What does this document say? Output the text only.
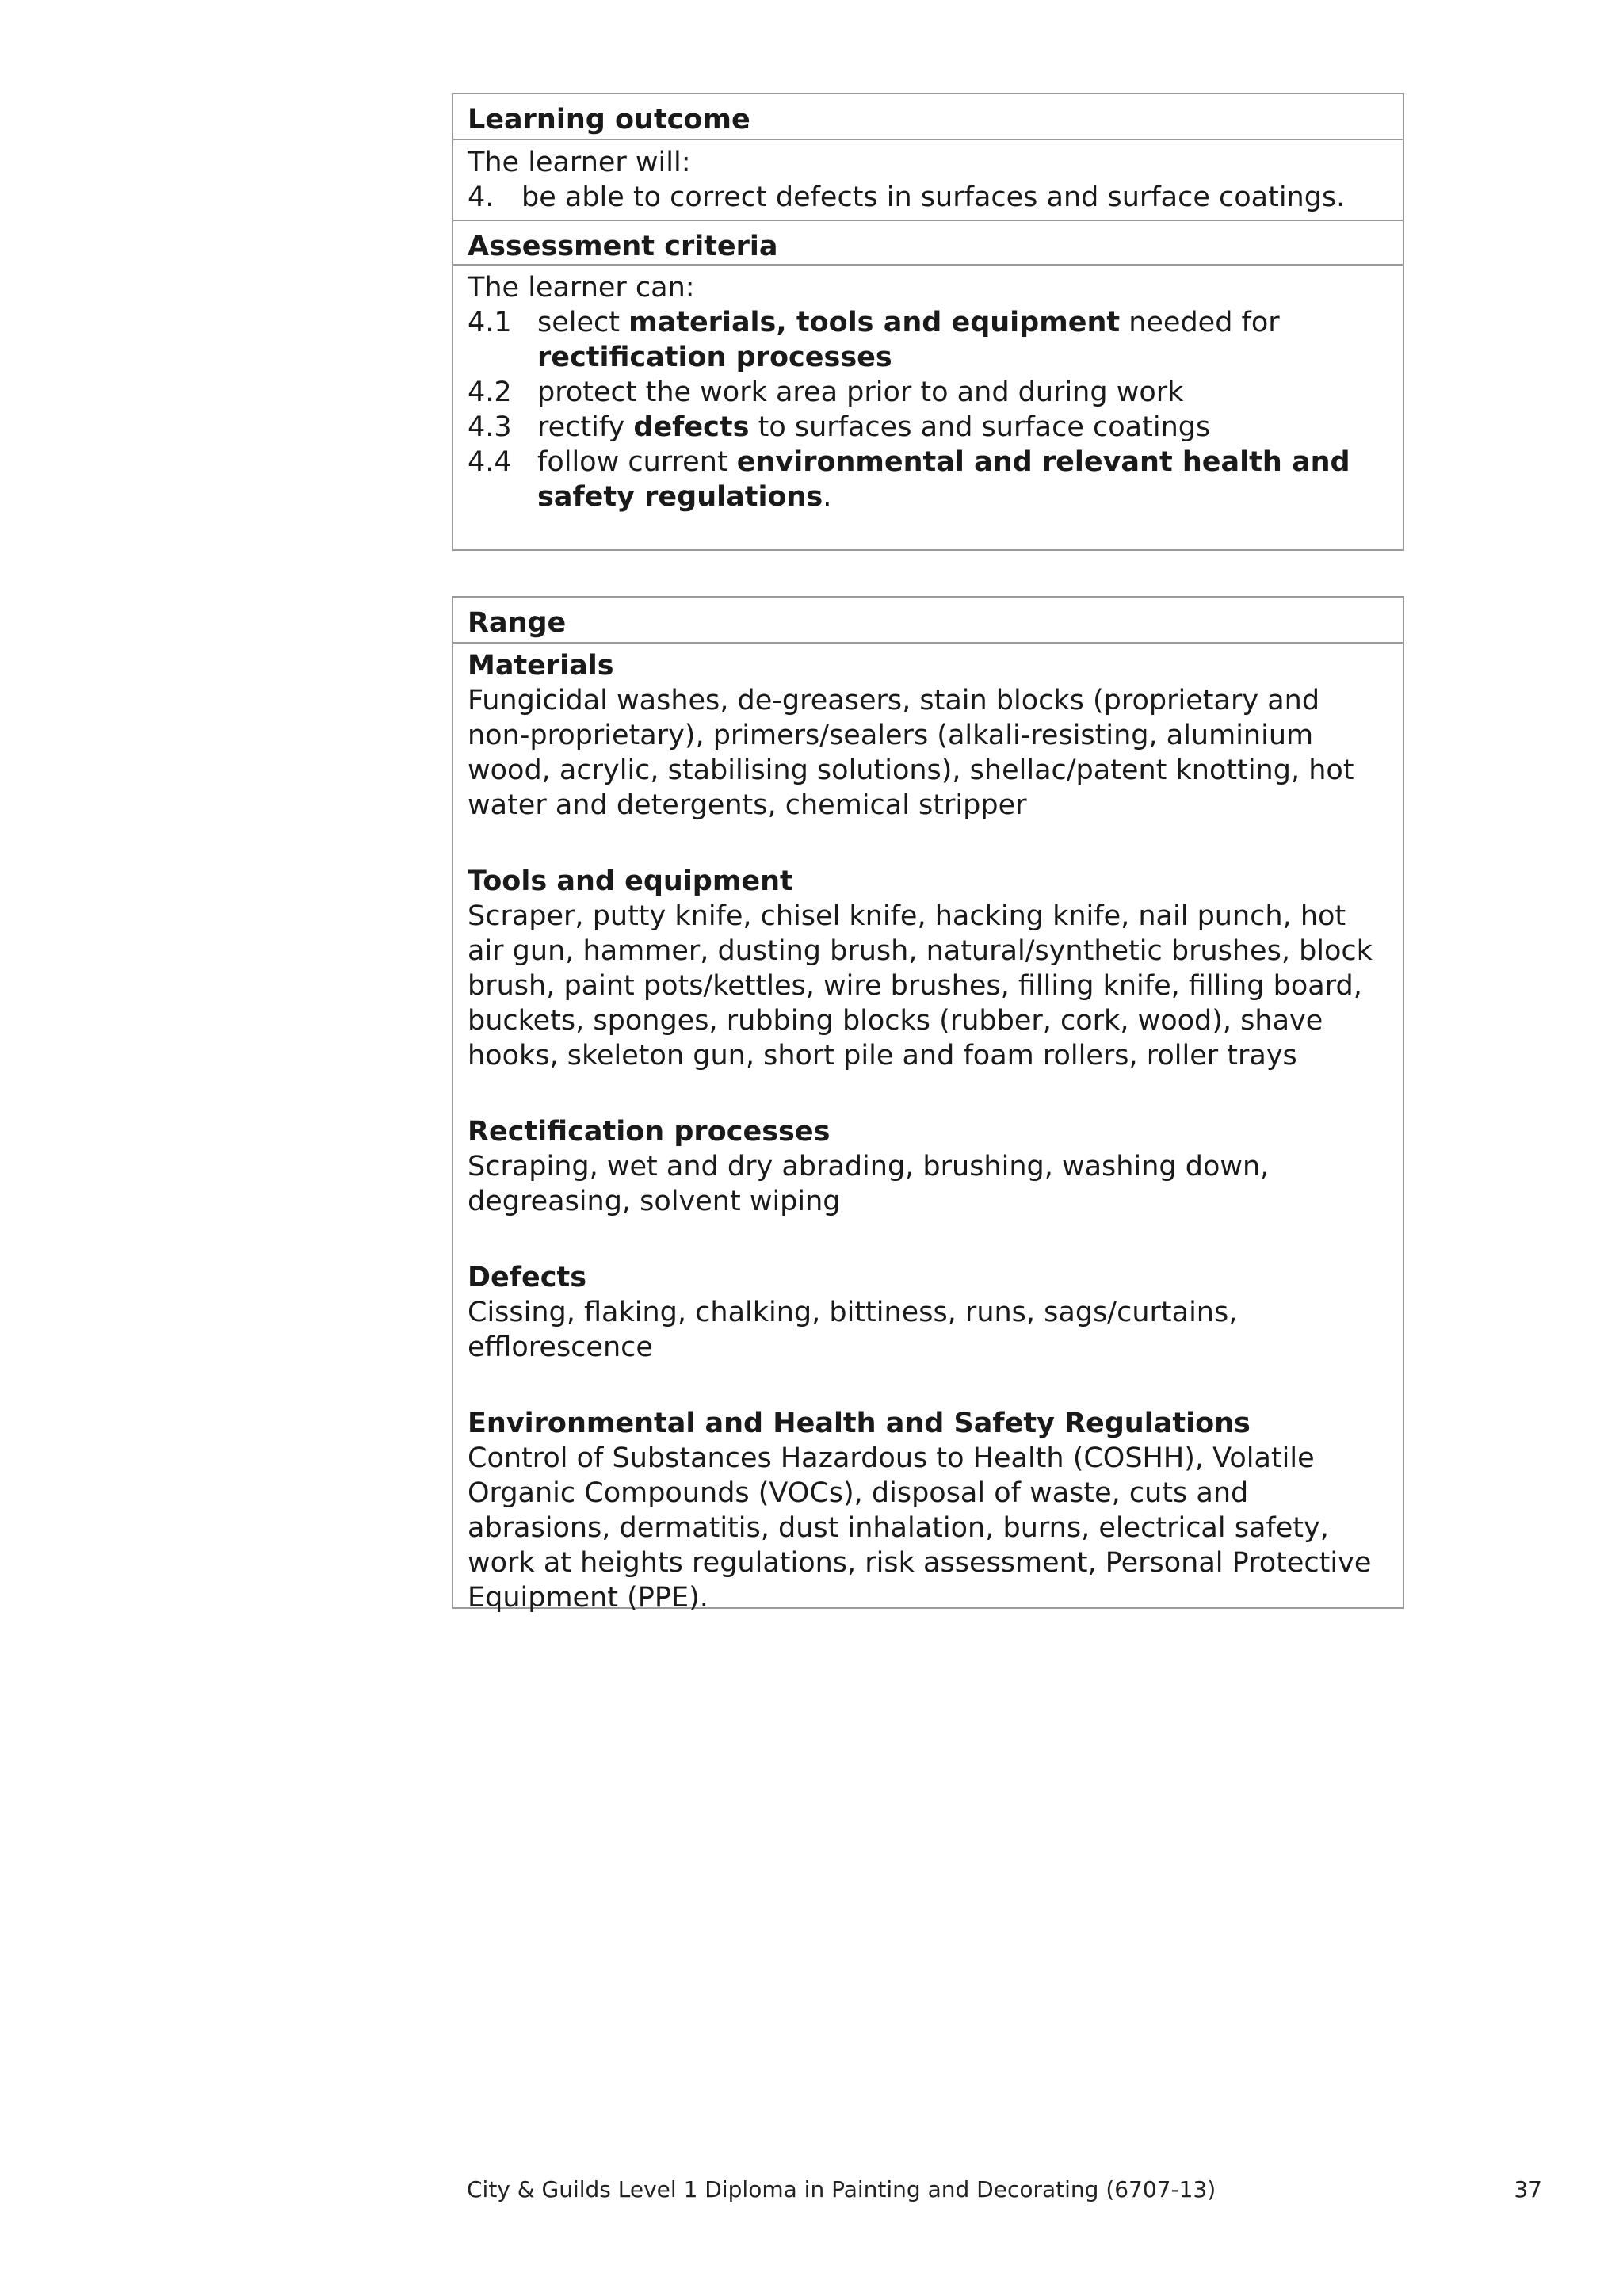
Learning outcome

The learner will:

4. be able to correct defects in surfaces and surface coatings.
Assessment criteria

The learner can:

4.1 select materials, tools and equipment needed for rectification processes
4.2 protect the work area prior to and during work
4.3 rectify defects to surfaces and surface coatings
4.4 follow current environmental and relevant health and safety regulations.
Range
Materials
Fungicidal washes, de-greasers, stain blocks (proprietary and non-proprietary), primers/sealers (alkali-resisting, aluminium wood, acrylic, stabilising solutions), shellac/patent knotting, hot water and detergents, chemical stripper
Tools and equipment
Scraper, putty knife, chisel knife, hacking knife, nail punch, hot air gun, hammer, dusting brush, natural/synthetic brushes, block brush, paint pots/kettles, wire brushes, filling knife, filling board, buckets, sponges, rubbing blocks (rubber, cork, wood), shave hooks, skeleton gun, short pile and foam rollers, roller trays
Rectification processes
Scraping, wet and dry abrading, brushing, washing down, degreasing, solvent wiping
Defects
Cissing, flaking, chalking, bittiness, runs, sags/curtains, efflorescence
Environmental and Health and Safety Regulations
Control of Substances Hazardous to Health (COSHH), Volatile Organic Compounds (VOCs), disposal of waste, cuts and abrasions, dermatitis, dust inhalation, burns, electrical safety, work at heights regulations, risk assessment, Personal Protective Equipment (PPE).
City & Guilds Level 1 Diploma in Painting and Decorating (6707-13)	37
